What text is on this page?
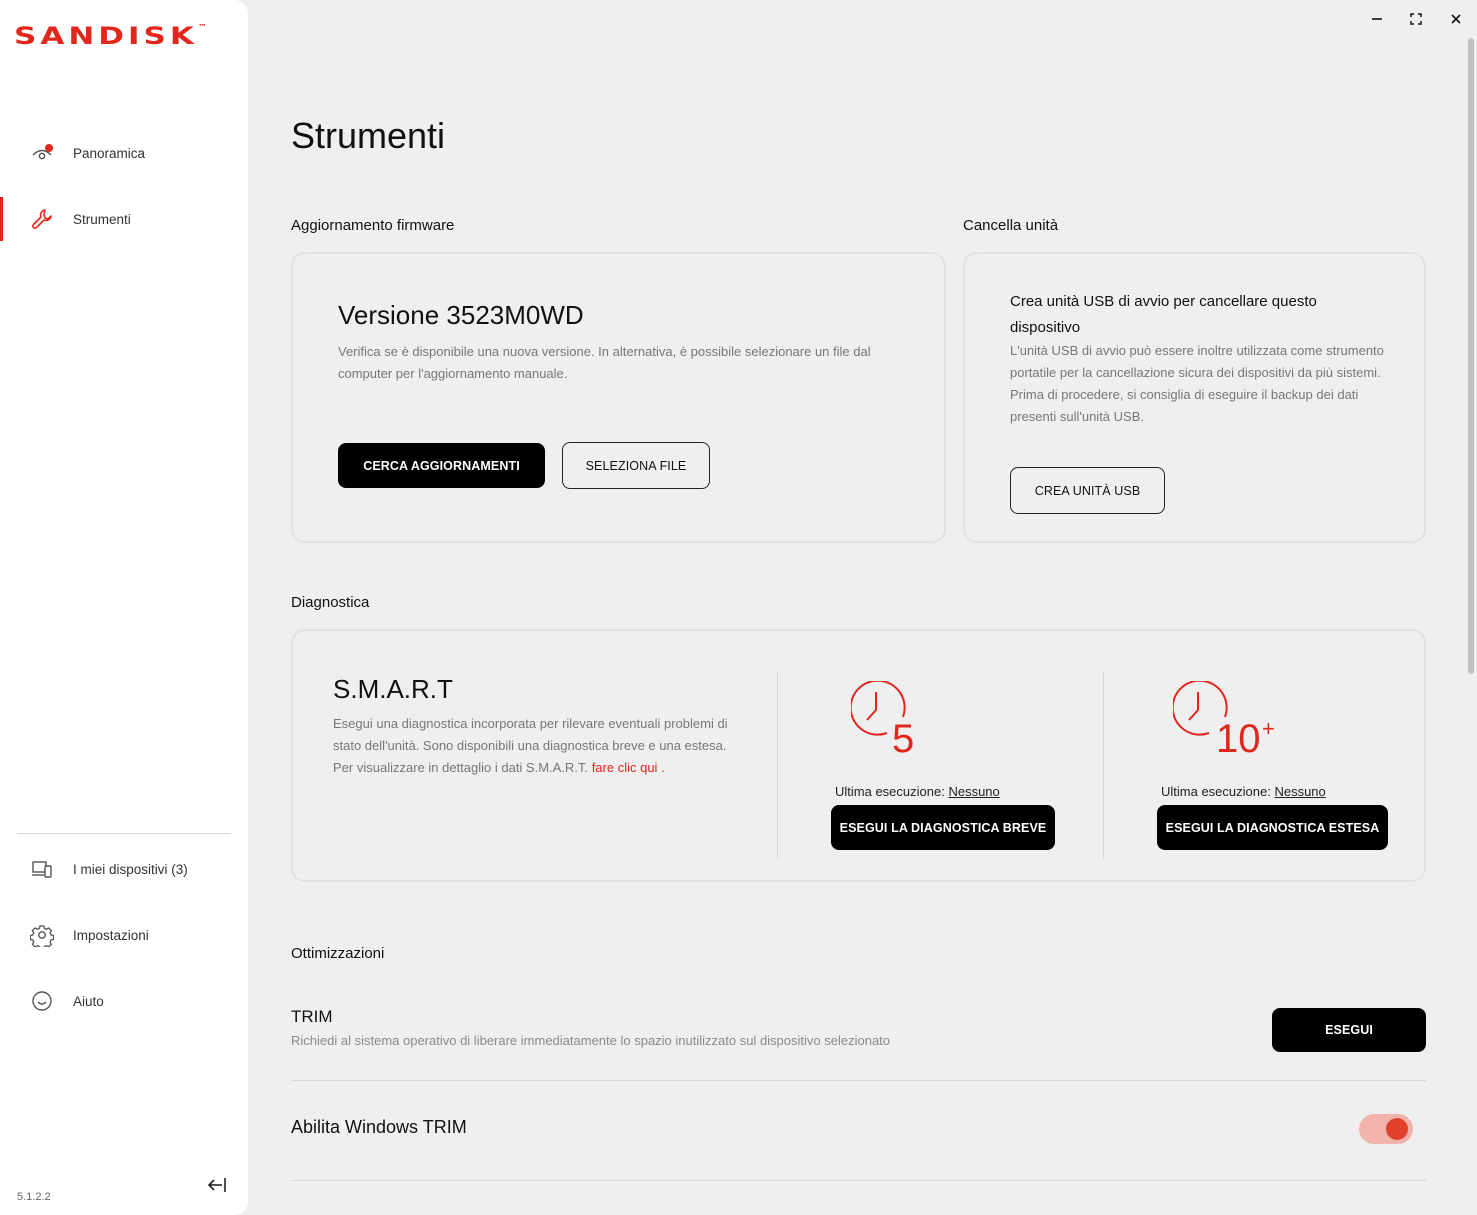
SANDISK™
Panoramica
Strumenti
I miei dispositivi (3)
Impostazioni
Aiuto
5.1.2.2
Strumenti
Aggiornamento firmware
Versione 3523M0WD
Verifica se è disponibile una nuova versione. In alternativa, è possibile selezionare un file dal computer per l'aggiornamento manuale.
CERCA AGGIORNAMENTI	SELEZIONA FILE
Cancella unità
Crea unità USB di avvio per cancellare questo dispositivo
L'unità USB di avvio può essere inoltre utilizzata come strumento portatile per la cancellazione sicura dei dispositivi da più sistemi. Prima di procedere, si consiglia di eseguire il backup dei dati presenti sull'unità USB.
CREA UNITÀ USB
Diagnostica
S.M.A.R.T
Esegui una diagnostica incorporata per rilevare eventuali problemi di stato dell'unità. Sono disponibili una diagnostica breve e una estesa. Per visualizzare in dettaglio i dati S.M.A.R.T. fare clic qui .
5
Ultima esecuzione: Nessuno
ESEGUI LA DIAGNOSTICA BREVE
10 +
Ultima esecuzione: Nessuno
ESEGUI LA DIAGNOSTICA ESTESA
Ottimizzazioni
TRIM
Richiedi al sistema operativo di liberare immediatamente lo spazio inutilizzato sul dispositivo selezionato
ESEGUI
Abilita Windows TRIM
